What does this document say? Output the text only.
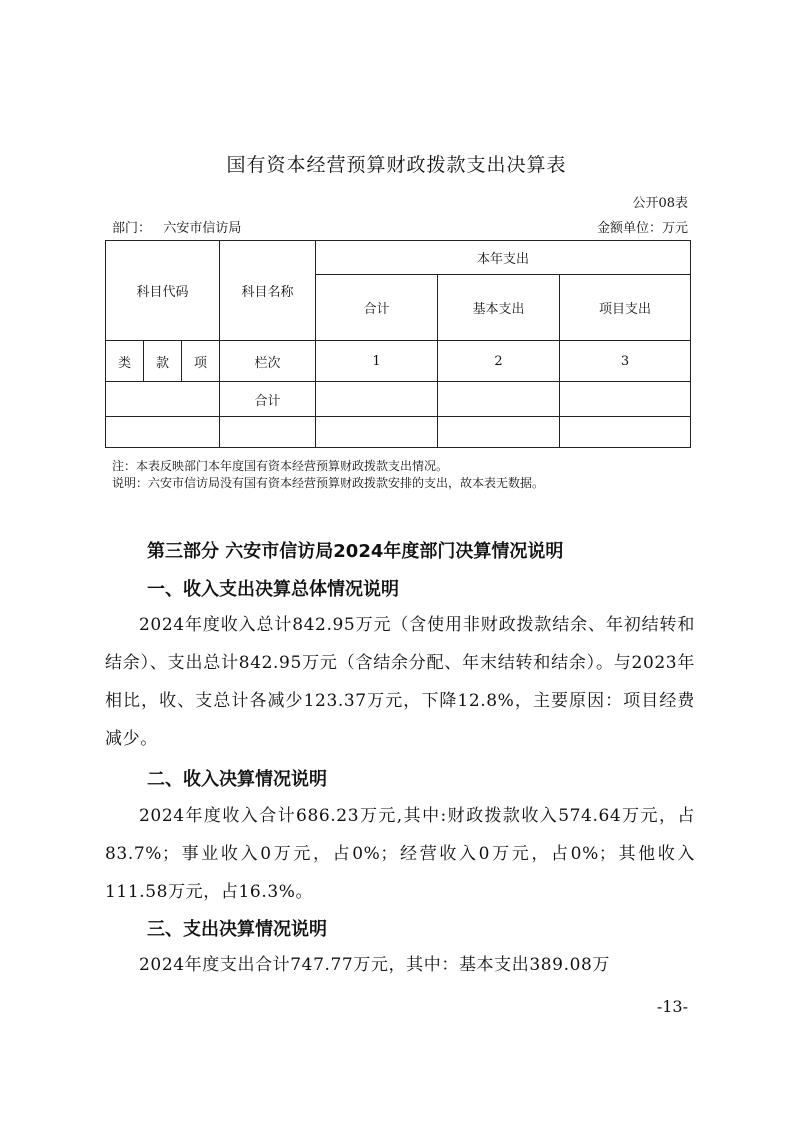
国有资本经营预算财政拨款支出决算表
公开08表
部门： 六安市信访局	金额单位：万元
科目代码			科目名称	本年支出		
				合计	基本支出	项目支出
类	款	项	栏次	1	2	3
			合计			

注：本表反映部门本年度国有资本经营预算财政拨款支出情况。
说明：六安市信访局没有国有资本经营预算财政拨款安排的支出，故本表无数据。
第三部分 六安市信访局2024年度部门决算情况说明
一、收入支出决算总体情况说明

2024年度收入总计842.95万元（含使用非财政拨款结余、年初结转和结余）、支出总计842.95万元（含结余分配、年末结转和结余）。与2023年相比，收、支总计各减少123.37万元，下降12.8%，主要原因：项目经费减少。

二、收入决算情况说明

2024年度收入合计686.23万元,其中:财政拨款收入574.64万元，占83.7%；事业收入0万元，占0%；经营收入0万元，占0%；其他收入111.58万元，占16.3%。

三、支出决算情况说明

2024年度支出合计747.77万元，其中：基本支出389.08万

-13-
